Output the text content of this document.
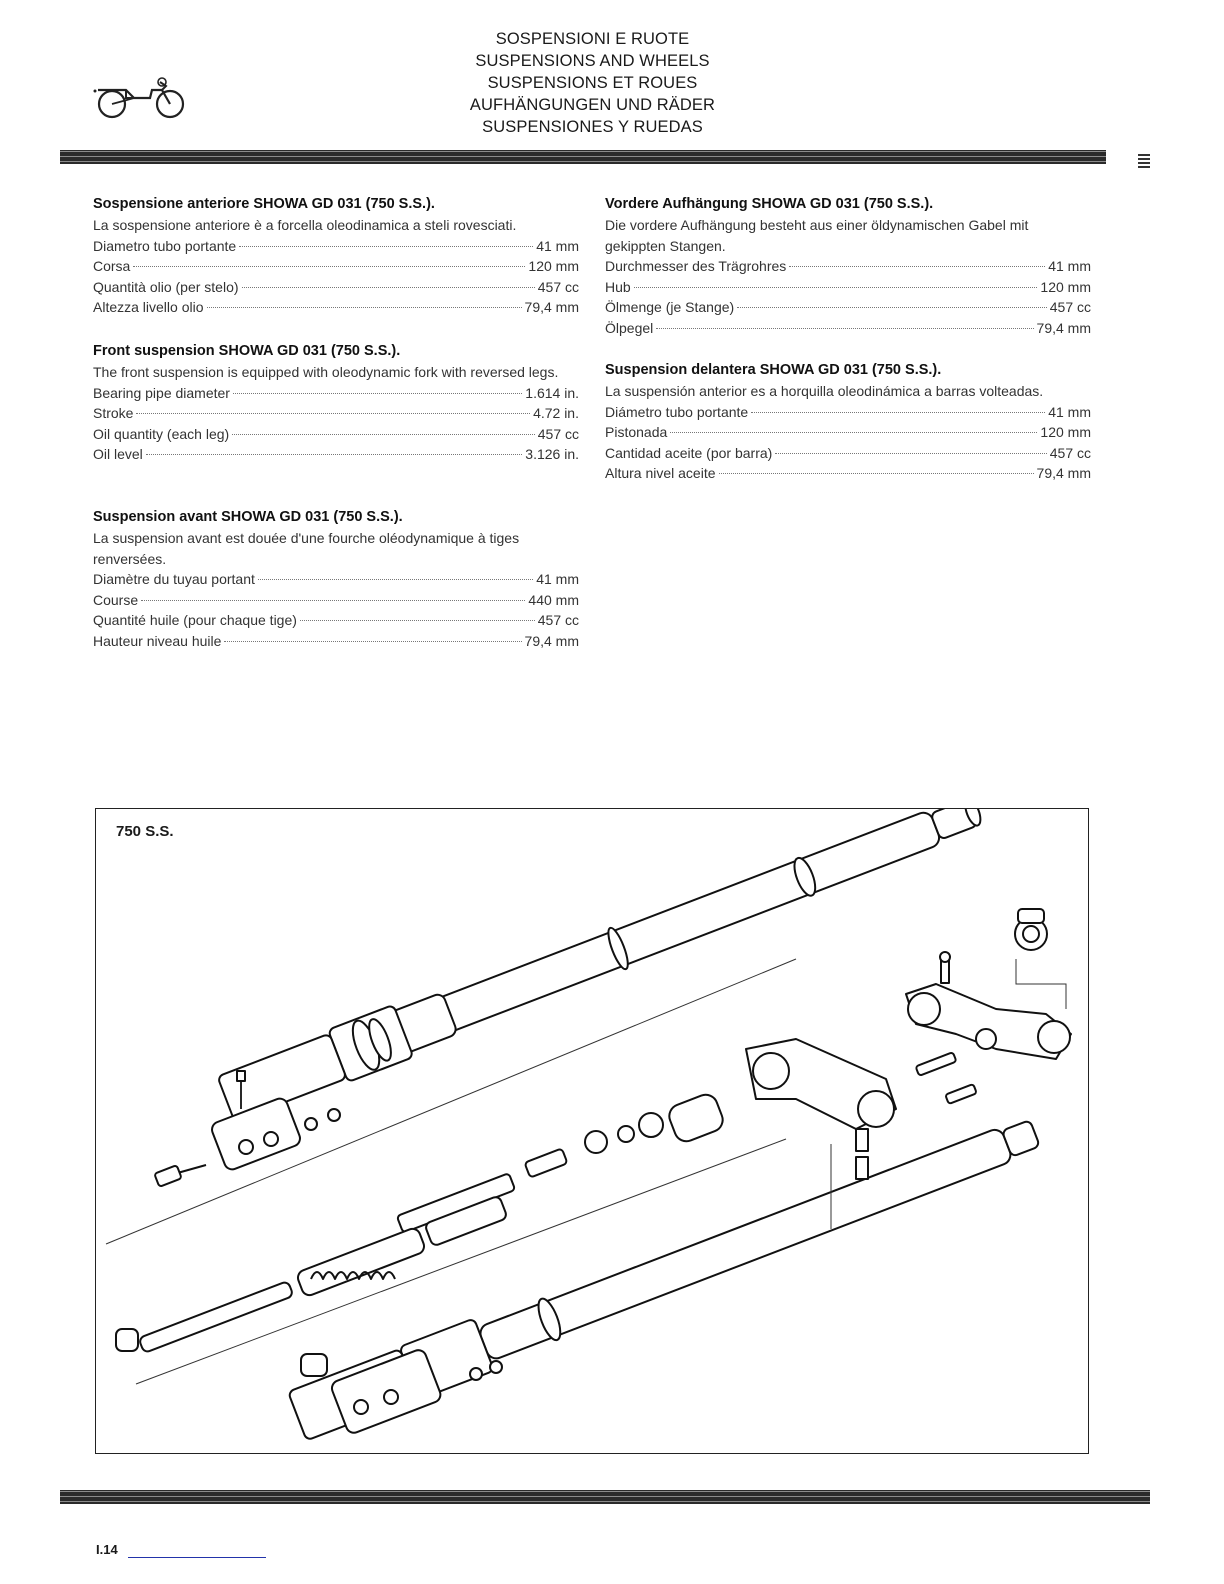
SOSPENSIONI E RUOTE
SUSPENSIONS AND WHEELS
SUSPENSIONS ET ROUES
AUFHÄNGUNGEN UND RÄDER
SUSPENSIONES Y RUEDAS
Sospensione anteriore SHOWA GD 031 (750 S.S.).
La sospensione anteriore è a forcella oleodinamica a steli rovesciati.
Diametro tubo portante	41 mm
Corsa	120 mm
Quantità olio (per stelo)	457 cc
Altezza livello olio	79,4 mm
Front suspension SHOWA GD 031 (750 S.S.).
The front suspension is equipped with oleodynamic fork with reversed legs.
Bearing pipe diameter	1.614 in.
Stroke	4.72 in.
Oil quantity (each leg)	457 cc
Oil level	3.126 in.
Suspension avant SHOWA GD 031 (750 S.S.).
La suspension avant est douée d'une fourche oléodynamique à tiges renversées.
Diamètre du tuyau portant	41 mm
Course	440 mm
Quantité huile (pour chaque tige)	457 cc
Hauteur niveau huile	79,4 mm
Vordere Aufhängung SHOWA GD 031 (750 S.S.).
Die vordere Aufhängung besteht aus einer öldynamischen Gabel mit gekippten Stangen.
Durchmesser des Trägrohres	41 mm
Hub	120 mm
Ölmenge (je Stange)	457 cc
Ölpegel	79,4 mm
Suspension delantera SHOWA GD 031 (750 S.S.).
La suspensión anterior es a horquilla oleodinámica a barras volteadas.
Diámetro tubo portante	41 mm
Pistonada	120 mm
Cantidad aceite (por barra)	457 cc
Altura nivel aceite	79,4 mm
750 S.S.
I.14
